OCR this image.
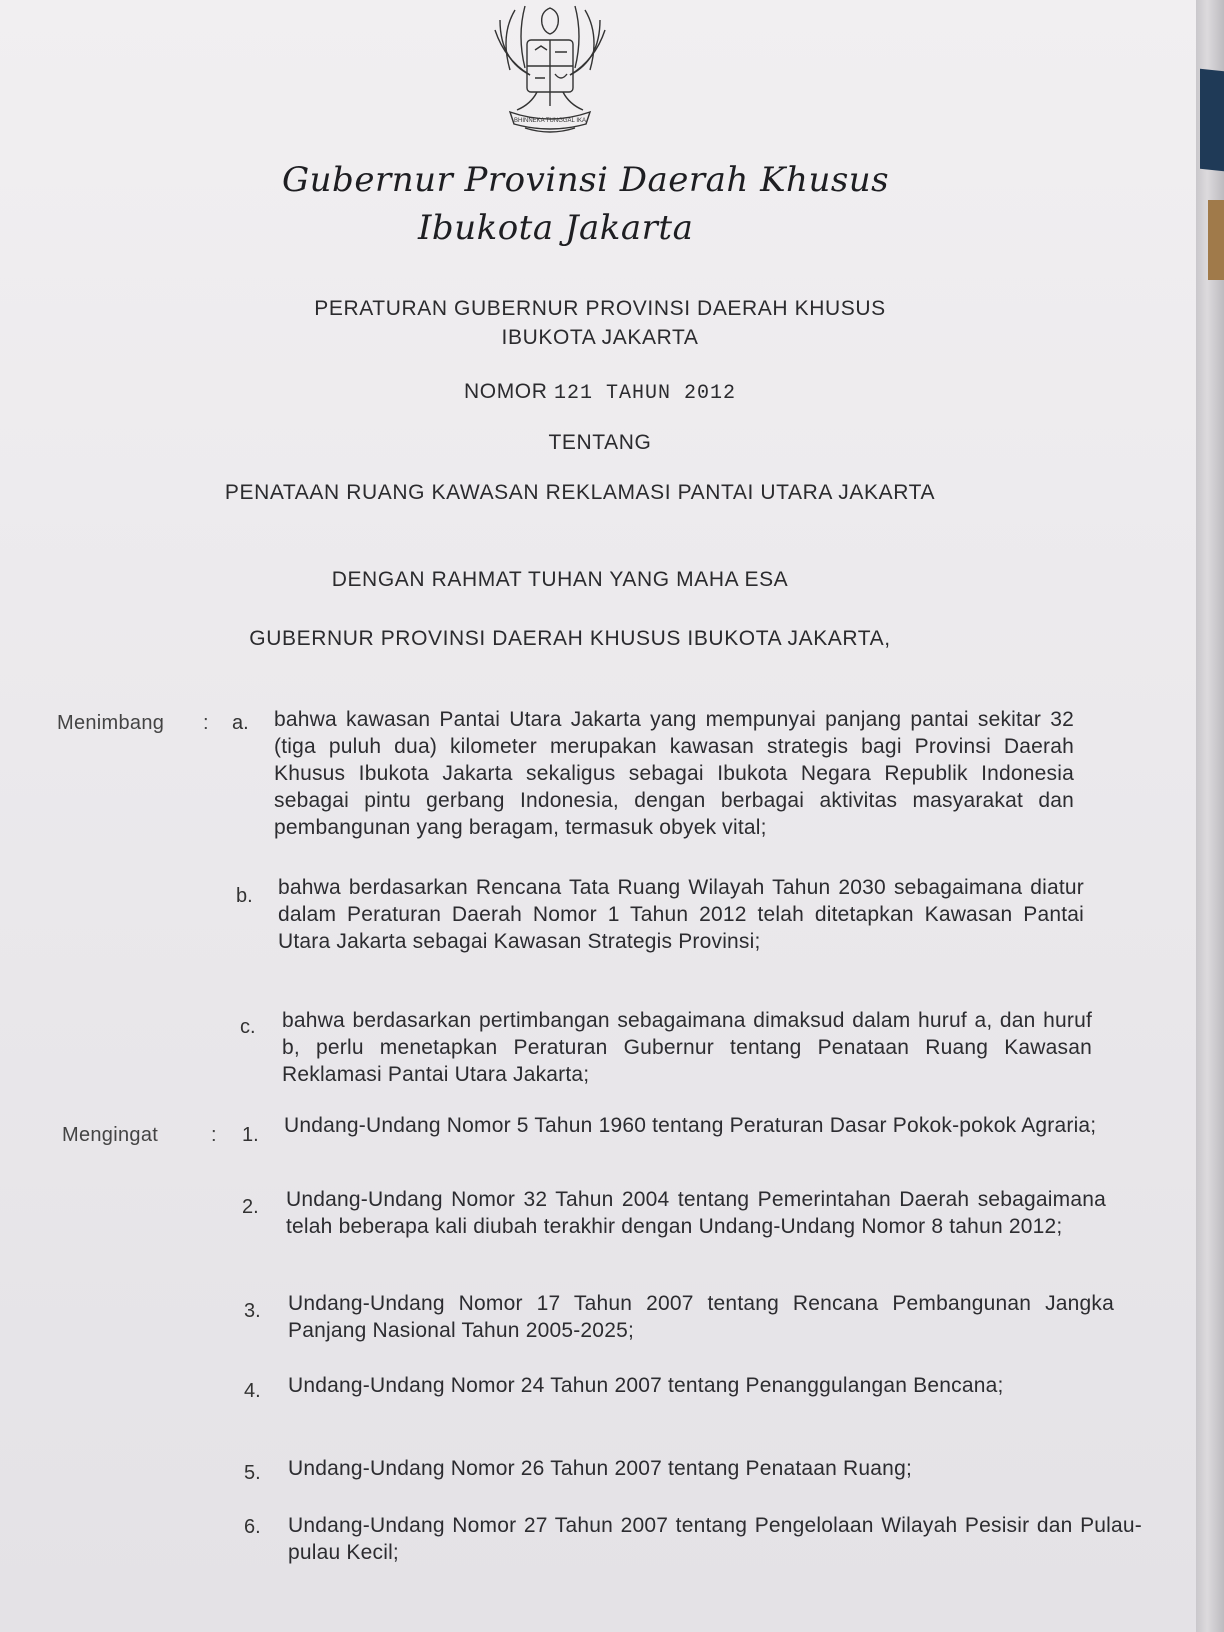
BHINNEKA TUNGGAL IKA
Gubernur Provinsi Daerah Khusus
Ibukota Jakarta
PERATURAN GUBERNUR PROVINSI DAERAH KHUSUS
IBUKOTA JAKARTA
NOMOR 121 TAHUN 2012
TENTANG
PENATAAN RUANG KAWASAN REKLAMASI PANTAI UTARA JAKARTA
DENGAN RAHMAT TUHAN YANG MAHA ESA
GUBERNUR PROVINSI DAERAH KHUSUS IBUKOTA JAKARTA,
Menimbang : a. bahwa kawasan Pantai Utara Jakarta yang mempunyai panjang pantai sekitar 32 (tiga puluh dua) kilometer merupakan kawasan strategis bagi Provinsi Daerah Khusus Ibukota Jakarta sekaligus sebagai Ibukota Negara Republik Indonesia sebagai pintu gerbang Indonesia, dengan berbagai aktivitas masyarakat dan pembangunan yang beragam, termasuk obyek vital;
b. bahwa berdasarkan Rencana Tata Ruang Wilayah Tahun 2030 sebagaimana diatur dalam Peraturan Daerah Nomor 1 Tahun 2012 telah ditetapkan Kawasan Pantai Utara Jakarta sebagai Kawasan Strategis Provinsi;
c. bahwa berdasarkan pertimbangan sebagaimana dimaksud dalam huruf a, dan huruf b, perlu menetapkan Peraturan Gubernur tentang Penataan Ruang Kawasan Reklamasi Pantai Utara Jakarta;
Mengingat	: 1. Undang-Undang Nomor 5 Tahun 1960 tentang Peraturan Dasar Pokok-pokok Agraria;
2. Undang-Undang Nomor 32 Tahun 2004 tentang Pemerintahan Daerah sebagaimana telah beberapa kali diubah terakhir dengan Undang-Undang Nomor 8 tahun 2012;
3. Undang-Undang Nomor 17 Tahun 2007 tentang Rencana Pembangunan Jangka Panjang Nasional Tahun 2005-2025;
4. Undang-Undang Nomor 24 Tahun 2007 tentang Penanggulangan Bencana;
5. Undang-Undang Nomor 26 Tahun 2007 tentang Penataan Ruang;
6. Undang-Undang Nomor 27 Tahun 2007 tentang Pengelolaan Wilayah Pesisir dan Pulau-pulau Kecil;
